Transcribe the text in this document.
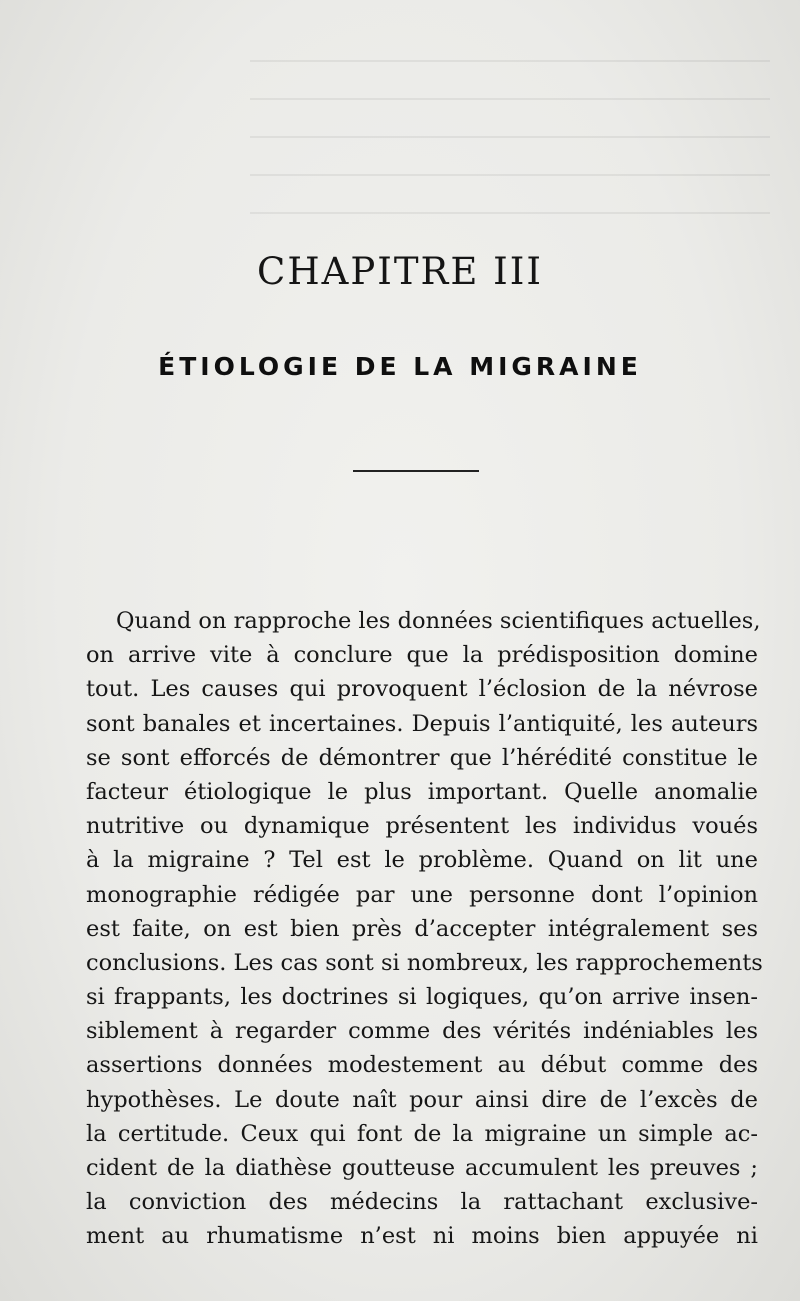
CHAPITRE III
ÉTIOLOGIE DE LA MIGRAINE
Quand on rapproche les données scientifiques actuelles,
on arrive vite à conclure que la prédisposition domine
tout. Les causes qui provoquent l’éclosion de la névrose
sont banales et incertaines. Depuis l’antiquité, les auteurs
se sont efforcés de démontrer que l’hérédité constitue le
facteur étiologique le plus important. Quelle anomalie
nutritive ou dynamique présentent les individus voués
à la migraine ? Tel est le problème. Quand on lit une
monographie rédigée par une personne dont l’opinion
est faite, on est bien près d’accepter intégralement ses
conclusions. Les cas sont si nombreux, les rapprochements
si frappants, les doctrines si logiques, qu’on arrive insen-
siblement à regarder comme des vérités indéniables les
assertions données modestement au début comme des
hypothèses. Le doute naît pour ainsi dire de l’excès de
la certitude. Ceux qui font de la migraine un simple ac-
cident de la diathèse goutteuse accumulent les preuves ;
la conviction des médecins la rattachant exclusive-
ment au rhumatisme n’est ni moins bien appuyée ni
